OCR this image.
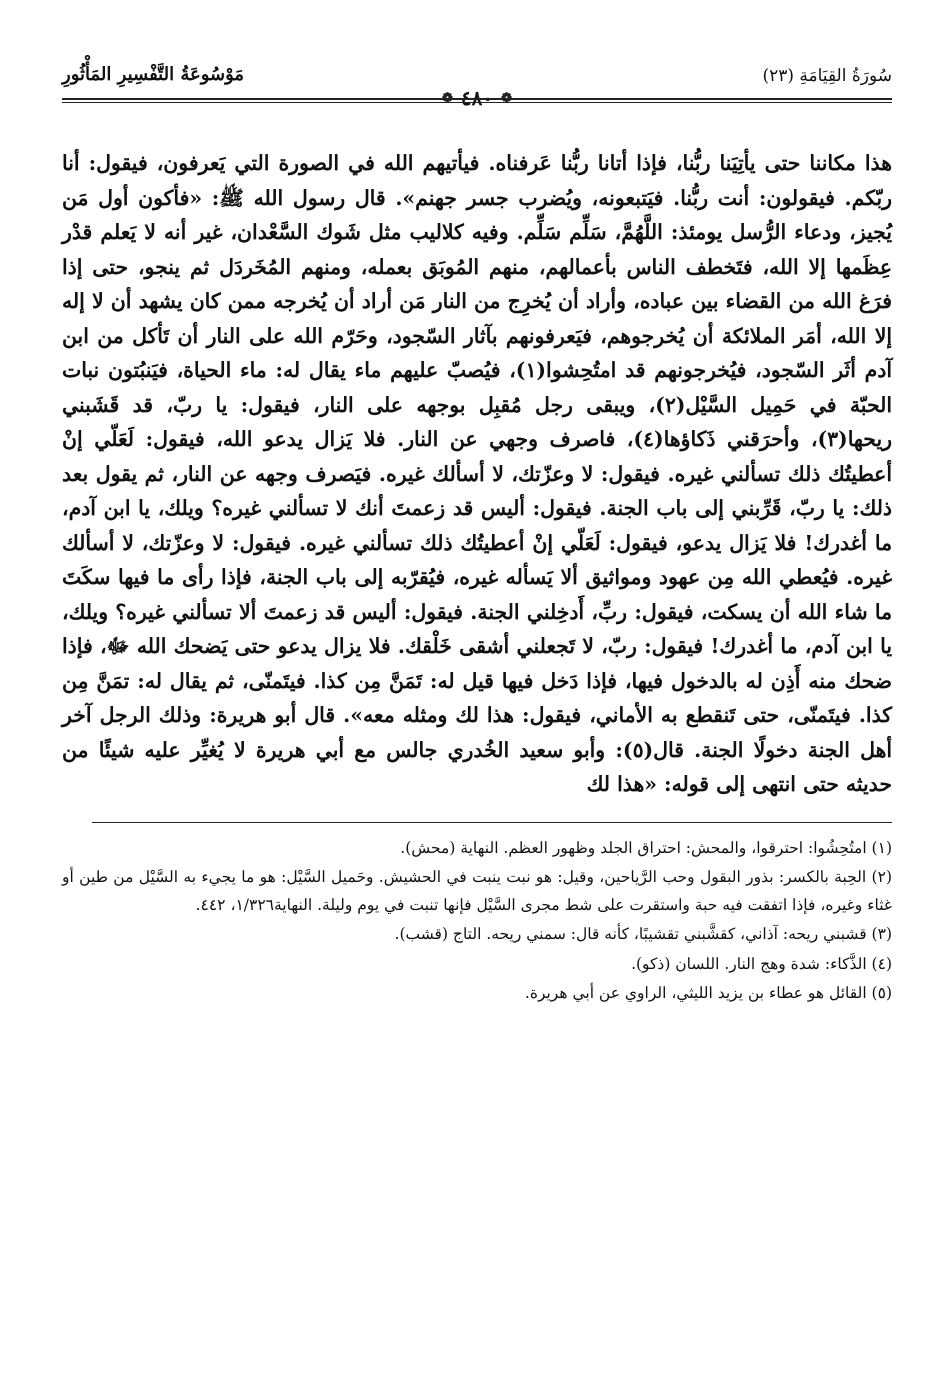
سُورَةُ القِيَامَةِ (٢٣)
❁
٤٨٠
❁
مَوْسُوعَةُ التَّفْسِيرِ المَأْثُورِ

هذا مكاننا حتى يأتِيَنا ربُّنا، فإذا أتانا ربُّنا عَرفناه. فيأتيهم الله في الصورة التي يَعرفون، فيقول: أنا ربّكم. فيقولون: أنت ربُّنا. فيَتبعونه، ويُضرب جسر جهنم». قال رسول الله ﷺ: «فأكون أول مَن يُجيز، ودعاء الرُّسل يومئذ: اللَّهُمَّ، سَلِّم سَلِّم. وفيه كلاليب مثل شَوك السَّعْدان، غير أنه لا يَعلم قدْر عِظَمها إلا الله، فتَخطف الناس بأعمالهم، منهم المُوبَق بعمله، ومنهم المُخَردَل ثم ينجو، حتى إذا فرَغ الله من القضاء بين عباده، وأراد أن يُخرِج من النار مَن أراد أن يُخرجه ممن كان يشهد أن لا إله إلا الله، أمَر الملائكة أن يُخرجوهم، فيَعرفونهم بآثار السّجود، وحَرّم الله على النار أن تَأكل من ابن آدم أثَر السّجود، فيُخرجونهم قد امتُحِشوا(١)، فيُصبّ عليهم ماء يقال له: ماء الحياة، فيَنبُتون نبات الحبّة في حَمِيل السَّيْل(٢)، ويبقى رجل مُقبِل بوجهه على النار، فيقول: يا ربّ، قد قَشَبني ريحها(٣)، وأحرَقني ذَكاؤها(٤)، فاصرف وجهي عن النار. فلا يَزال يدعو الله، فيقول: لَعَلّي إنْ أعطيتُك ذلك تسألني غيره. فيقول: لا وعزّتك، لا أسألك غيره. فيَصرف وجهه عن النار، ثم يقول بعد ذلك: يا ربّ، قَرِّبني إلى باب الجنة. فيقول: أليس قد زعمتَ أنك لا تسألني غيره؟ ويلك، يا ابن آدم، ما أغدرك! فلا يَزال يدعو، فيقول: لَعَلّي إنْ أعطيتُك ذلك تسألني غيره. فيقول: لا وعزّتك، لا أسألك غيره. فيُعطي الله مِن عهود ومواثيق ألا يَسأله غيره، فيُقرّبه إلى باب الجنة، فإذا رأى ما فيها سكَتَ ما شاء الله أن يسكت، فيقول: ربِّ، أَدخِلني الجنة. فيقول: أليس قد زعمتَ ألا تسألني غيره؟ ويلك، يا ابن آدم، ما أغدرك! فيقول: ربّ، لا تَجعلني أشقى خَلْقك. فلا يزال يدعو حتى يَضحك الله ﷻ، فإذا ضحك منه أَذِن له بالدخول فيها، فإذا دَخل فيها قيل له: تَمَنَّ مِن كذا. فيتَمنّى، ثم يقال له: تمَنَّ مِن كذا. فيتَمنّى، حتى تَنقطع به الأماني، فيقول: هذا لك ومثله معه». قال أبو هريرة: وذلك الرجل آخر أهل الجنة دخولًا الجنة. قال(٥): وأبو سعيد الخُدري جالس مع أبي هريرة لا يُغيِّر عليه شيئًا من حديثه حتى انتهى إلى قوله: «هذا لك

(١) امتُحِشُوا: احترقوا، والمحش: احتراق الجلد وظهور العظم. النهاية (محش).

(٢) الحِبة بالكسر: بذور البقول وحب الرَّياحين، وقيل: هو نبت ينبت في الحشيش. وحَميل السَّيْل: هو ما يجيء به السَّيْل من طين أو غثاء وغيره، فإذا اتفقت فيه حبة واستقرت على شط مجرى السَّيْل فإنها تنبت في يوم وليلة. النهاية١/٣٢٦، ٤٤٢.

(٣) قشبني ريحه: آذاني، كقشَّبني تقشيبًا، كأنه قال: سمني ريحه. التاج (قشب).

(٤) الذَّكاء: شدة وهج النار. اللسان (ذكو).

(٥) القائل هو عطاء بن يزيد الليثي، الراوي عن أبي هريرة.
